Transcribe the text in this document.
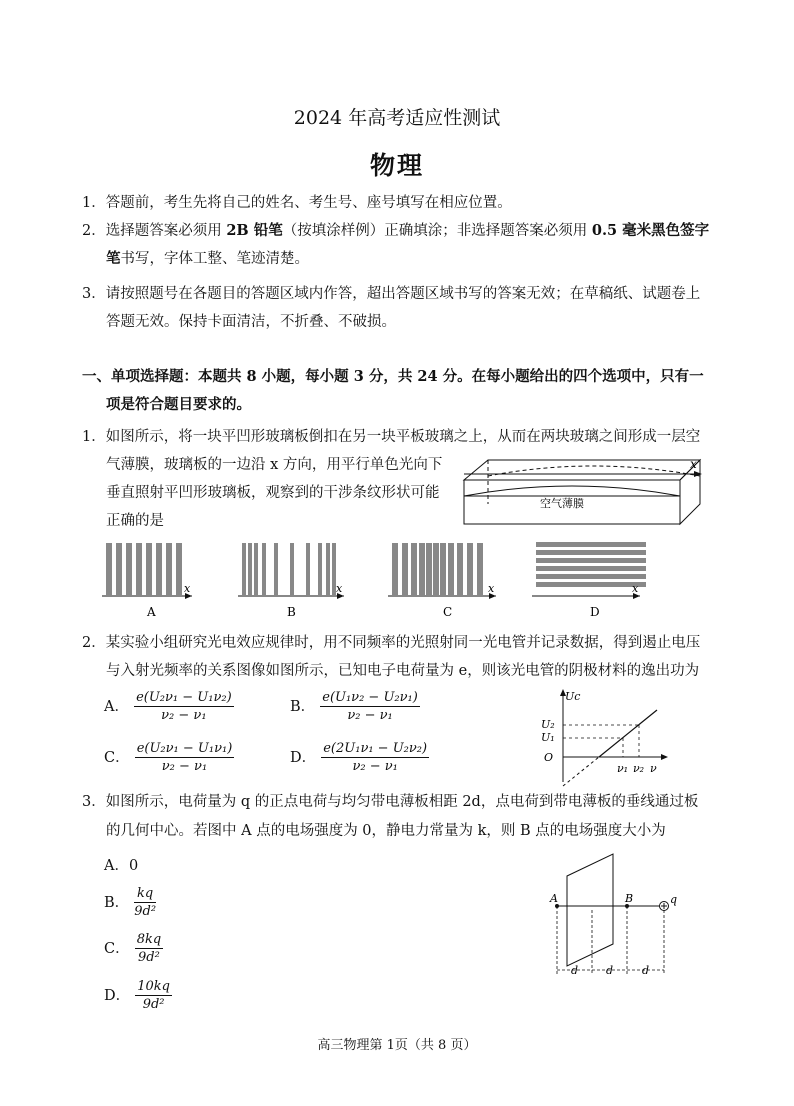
2024 年高考适应性测试
物理
1．答题前，考生先将自己的姓名、考生号、座号填写在相应位置。
2．选择题答案必须用 2B 铅笔（按填涂样例）正确填涂；非选择题答案必须用 0.5 毫米黑色签字
笔书写，字体工整、笔迹清楚。
3．请按照题号在各题目的答题区域内作答，超出答题区域书写的答案无效；在草稿纸、试题卷上
答题无效。保持卡面清洁，不折叠、不破损。
一、单项选择题：本题共 8 小题，每小题 3 分，共 24 分。在每小题给出的四个选项中，只有一
项是符合题目要求的。
1．如图所示，将一块平凹形玻璃板倒扣在另一块平板玻璃之上，从而在两块玻璃之间形成一层空
气薄膜，玻璃板的一边沿 x 方向，用平行单色光向下
垂直照射平凹形玻璃板，观察到的干涉条纹形状可能
正确的是
x
空气薄膜
x	x	x	x
A	B	C	D
2．某实验小组研究光电效应规律时，用不同频率的光照射同一光电管并记录数据，得到遏止电压
与入射光频率的关系图像如图所示，已知电子电荷量为 e，则该光电管的阴极材料的逸出功为
A． $\frac{\text{e(U₂ν₁ − U₁ν₂)}}{\text{ν₂ − ν₁}}$	B． $\frac{\text{e(U₁ν₂ − U₂ν₁)}}{\text{ν₂ − ν₁}}$
C． $\frac{\text{e(U₂ν₁ − U₁ν₁)}}{\text{ν₂ − ν₁}}$	D． $\frac{\text{e(2U₁ν₁ − U₂ν₂)}}{\text{ν₂ − ν₁}}$
Uc
U₂
U₁
O
ν₁ ν₂ ν
3．如图所示，电荷量为 q 的正点电荷与均匀带电薄板相距 2d，点电荷到带电薄板的垂线通过板
的几何中心。若图中 A 点的电场强度为 0，静电力常量为 k，则 B 点的电场强度大小为
A．0
B． $\frac{kq}{\text{9d²}}$
C． $\frac{8kq}{\text{9d²}}$
D． $\frac{10kq}{\text{9d²}}$
A	B	q
d	d	d
高三物理第 1页（共 8 页）
